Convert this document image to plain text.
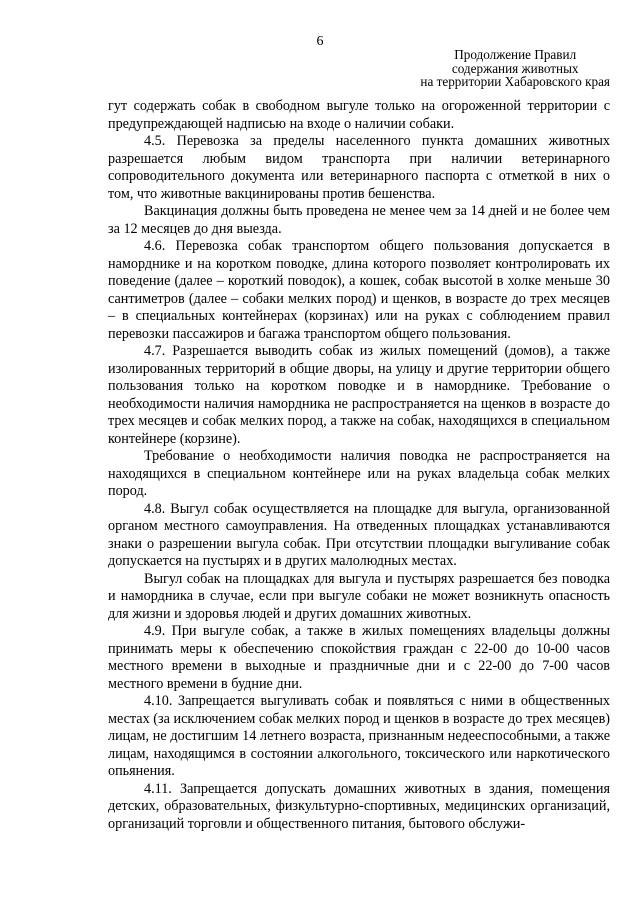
6
Продолжение Правил
содержания животных
на территории Хабаровского края

гут содержать собак в свободном выгуле только на огороженной территории с предупреждающей надписью на входе о наличии собаки.

4.5. Перевозка за пределы населенного пункта домашних животных разрешается любым видом транспорта при наличии ветеринарного сопроводительного документа или ветеринарного паспорта с отметкой в них о том, что животные вакцинированы против бешенства.

Вакцинация должны быть проведена не менее чем за 14 дней и не более чем за 12 месяцев до дня выезда.

4.6. Перевозка собак транспортом общего пользования допускается в наморднике и на коротком поводке, длина которого позволяет контролировать их поведение (далее – короткий поводок), а кошек, собак высотой в холке меньше 30 сантиметров (далее – собаки мелких пород) и щенков, в возрасте до трех месяцев – в специальных контейнерах (корзинах) или на руках с соблюдением правил перевозки пассажиров и багажа транспортом общего пользования.

4.7. Разрешается выводить собак из жилых помещений (домов), а также изолированных территорий в общие дворы, на улицу и другие территории общего пользования только на коротком поводке и в наморднике. Требование о необходимости наличия намордника не распространяется на щенков в возрасте до трех месяцев и собак мелких пород, а также на собак, находящихся в специальном контейнере (корзине).

Требование о необходимости наличия поводка не распространяется на находящихся в специальном контейнере или на руках владельца собак мелких пород.

4.8. Выгул собак осуществляется на площадке для выгула, организованной органом местного самоуправления. На отведенных площадках устанавливаются знаки о разрешении выгула собак. При отсутствии площадки выгуливание собак допускается на пустырях и в других малолюдных местах.

Выгул собак на площадках для выгула и пустырях разрешается без поводка и намордника в случае, если при выгуле собаки не может возникнуть опасность для жизни и здоровья людей и других домашних животных.

4.9. При выгуле собак, а также в жилых помещениях владельцы должны принимать меры к обеспечению спокойствия граждан с 22-00 до 10-00 часов местного времени в выходные и праздничные дни и с 22-00 до 7-00 часов местного времени в будние дни.

4.10. Запрещается выгуливать собак и появляться с ними в общественных местах (за исключением собак мелких пород и щенков в возрасте до трех месяцев) лицам, не достигшим 14 летнего возраста, признанным недееспособными, а также лицам, находящимся в состоянии алкогольного, токсического или наркотического опьянения.

4.11. Запрещается допускать домашних животных в здания, помещения детских, образовательных, физкультурно-спортивных, медицинских организаций, организаций торговли и общественного питания, бытового обслужи-
